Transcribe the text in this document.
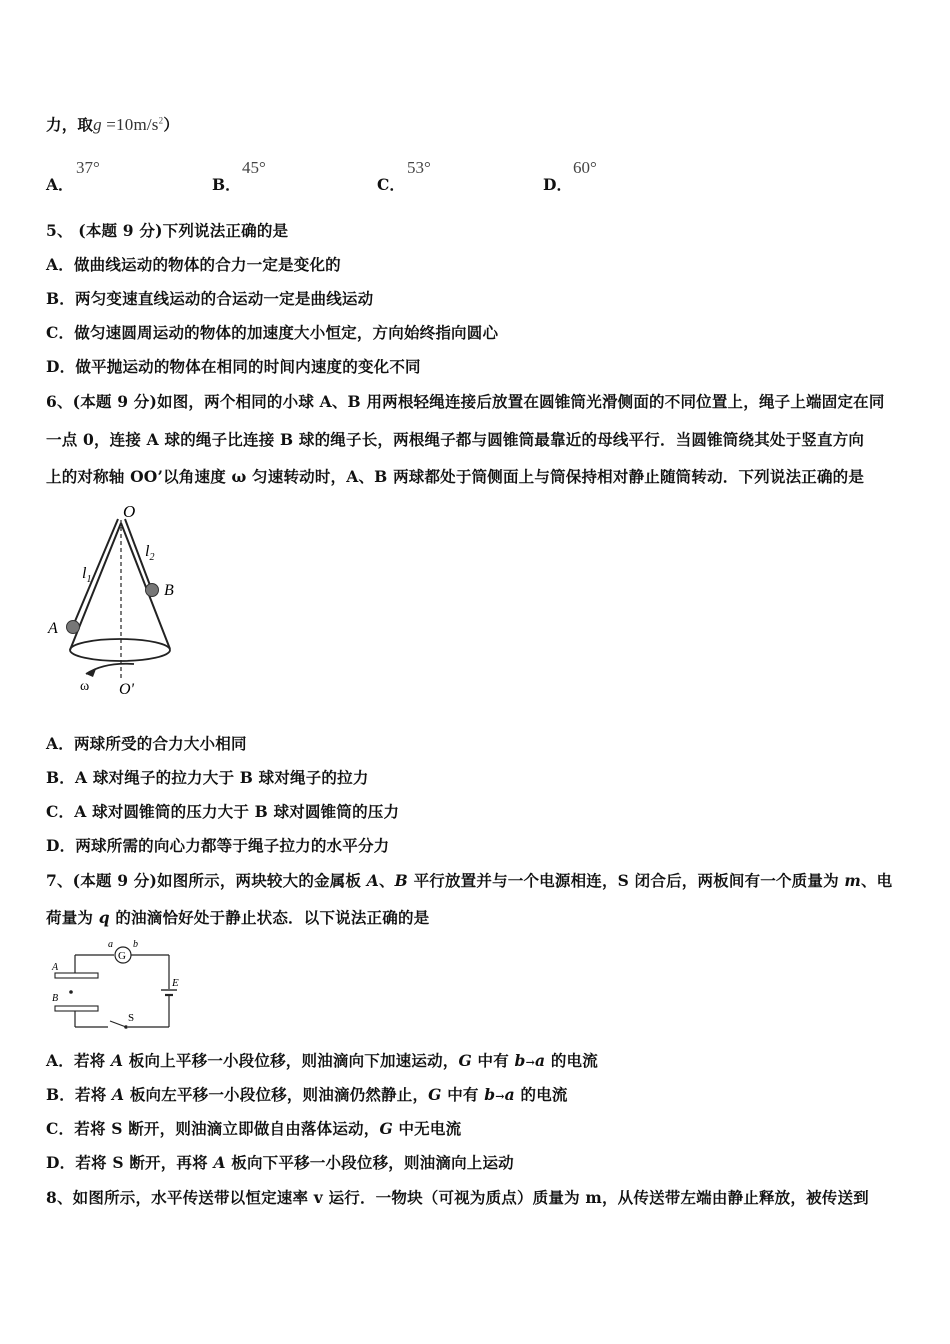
力，取$g =10m/s^2$）
A．
37°
B．
45°
C．
53°
D．
60°
5、 (本题 9 分)下列说法正确的是
A．做曲线运动的物体的合力一定是变化的
B．两匀变速直线运动的合运动一定是曲线运动
C．做匀速圆周运动的物体的加速度大小恒定，方向始终指向圆心
D．做平抛运动的物体在相同的时间内速度的变化不同
6、(本题 9 分)如图，两个相同的小球 A、B 用两根轻绳连接后放置在圆锥筒光滑侧面的不同位置上，绳子上端固定在同
一点 0，连接 A 球的绳子比连接 B 球的绳子长，两根绳子都与圆锥筒最靠近的母线平行．当圆锥筒绕其处于竖直方向
上的对称轴 OO’以角速度 ω 匀速转动时，A、B 两球都处于筒侧面上与筒保持相对静止随筒转动．下列说法正确的是
O
$l_1$
$l_2$
A
B
ω O'
A．两球所受的合力大小相同
B．A 球对绳子的拉力大于 B 球对绳子的拉力
C．A 球对圆锥筒的压力大于 B 球对圆锥筒的压力
D．两球所需的向心力都等于绳子拉力的水平分力
7、(本题 9 分)如图所示，两块较大的金属板 A、B 平行放置并与一个电源相连，S 闭合后，两板间有一个质量为 m、电
荷量为 q 的油滴恰好处于静止状态．以下说法正确的是
G
a b
A
B
E
S
A．若将 A 板向上平移一小段位移，则油滴向下加速运动，G 中有 b→a 的电流
B．若将 A 板向左平移一小段位移，则油滴仍然静止，G 中有 b→a 的电流
C．若将 S 断开，则油滴立即做自由落体运动，G 中无电流
D．若将 S 断开，再将 A 板向下平移一小段位移，则油滴向上运动
8、如图所示，水平传送带以恒定速率 v 运行．一物块（可视为质点）质量为 m，从传送带左端由静止释放，被传送到
